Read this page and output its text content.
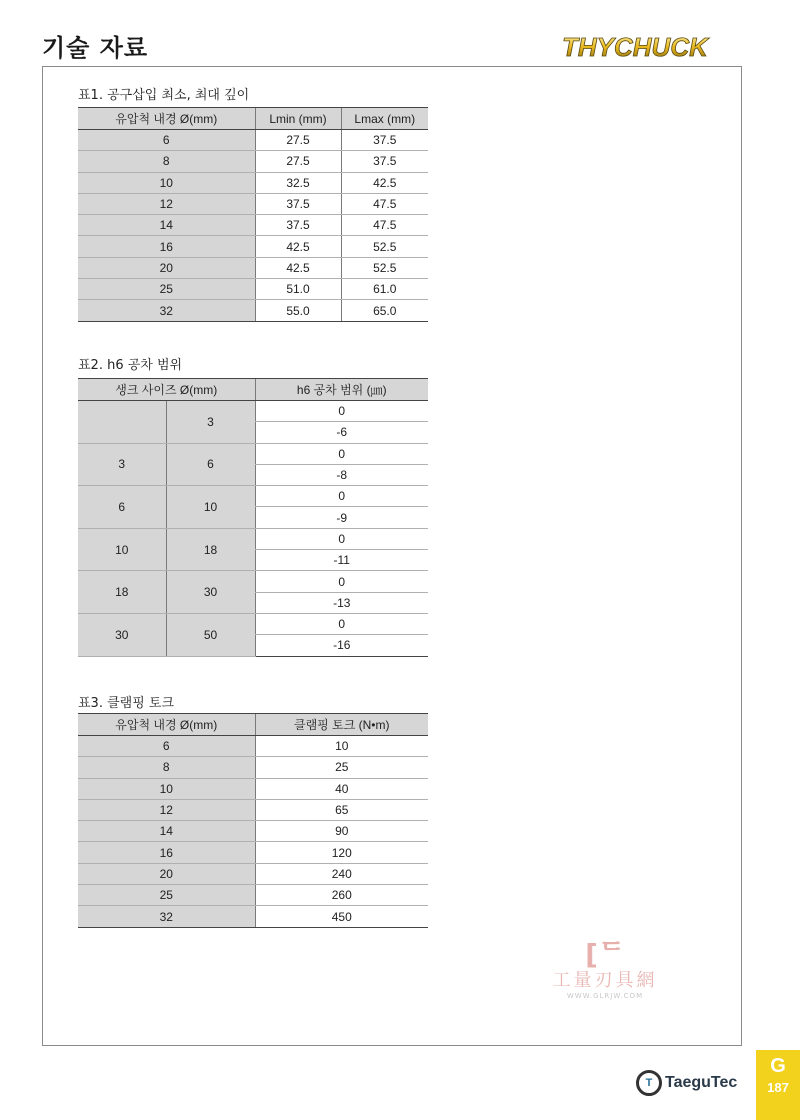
기술 자료	THYCHUCK
표1. 공구삽입 최소, 최대 깊이
유압척 내경 Ø(mm)	Lmin (mm)	Lmax (mm)
6	27.5	37.5
8	27.5	37.5
10	32.5	42.5
12	37.5	47.5
14	37.5	47.5
16	42.5	52.5
20	42.5	52.5
25	51.0	61.0
32	55.0	65.0
표2. h6 공차 범위
생크 사이즈 Ø(mm)		h6 공차 범위 (㎛)
	3	0
		-6
3	6	0
		-8
6	10	0
		-9
10	18	0
		-11
18	30	0
		-13
30	50	0
		-16
표3. 클램핑 토크
유압척 내경 Ø(mm)	클램핑 토크 (N•m)
6	10
8	25
10	40
12	65
14	90
16	120
20	240
25	260
32	450
[ᄃ
工量刃具網
WWW.GLRJW.COM
T TaeguTec
G
187
